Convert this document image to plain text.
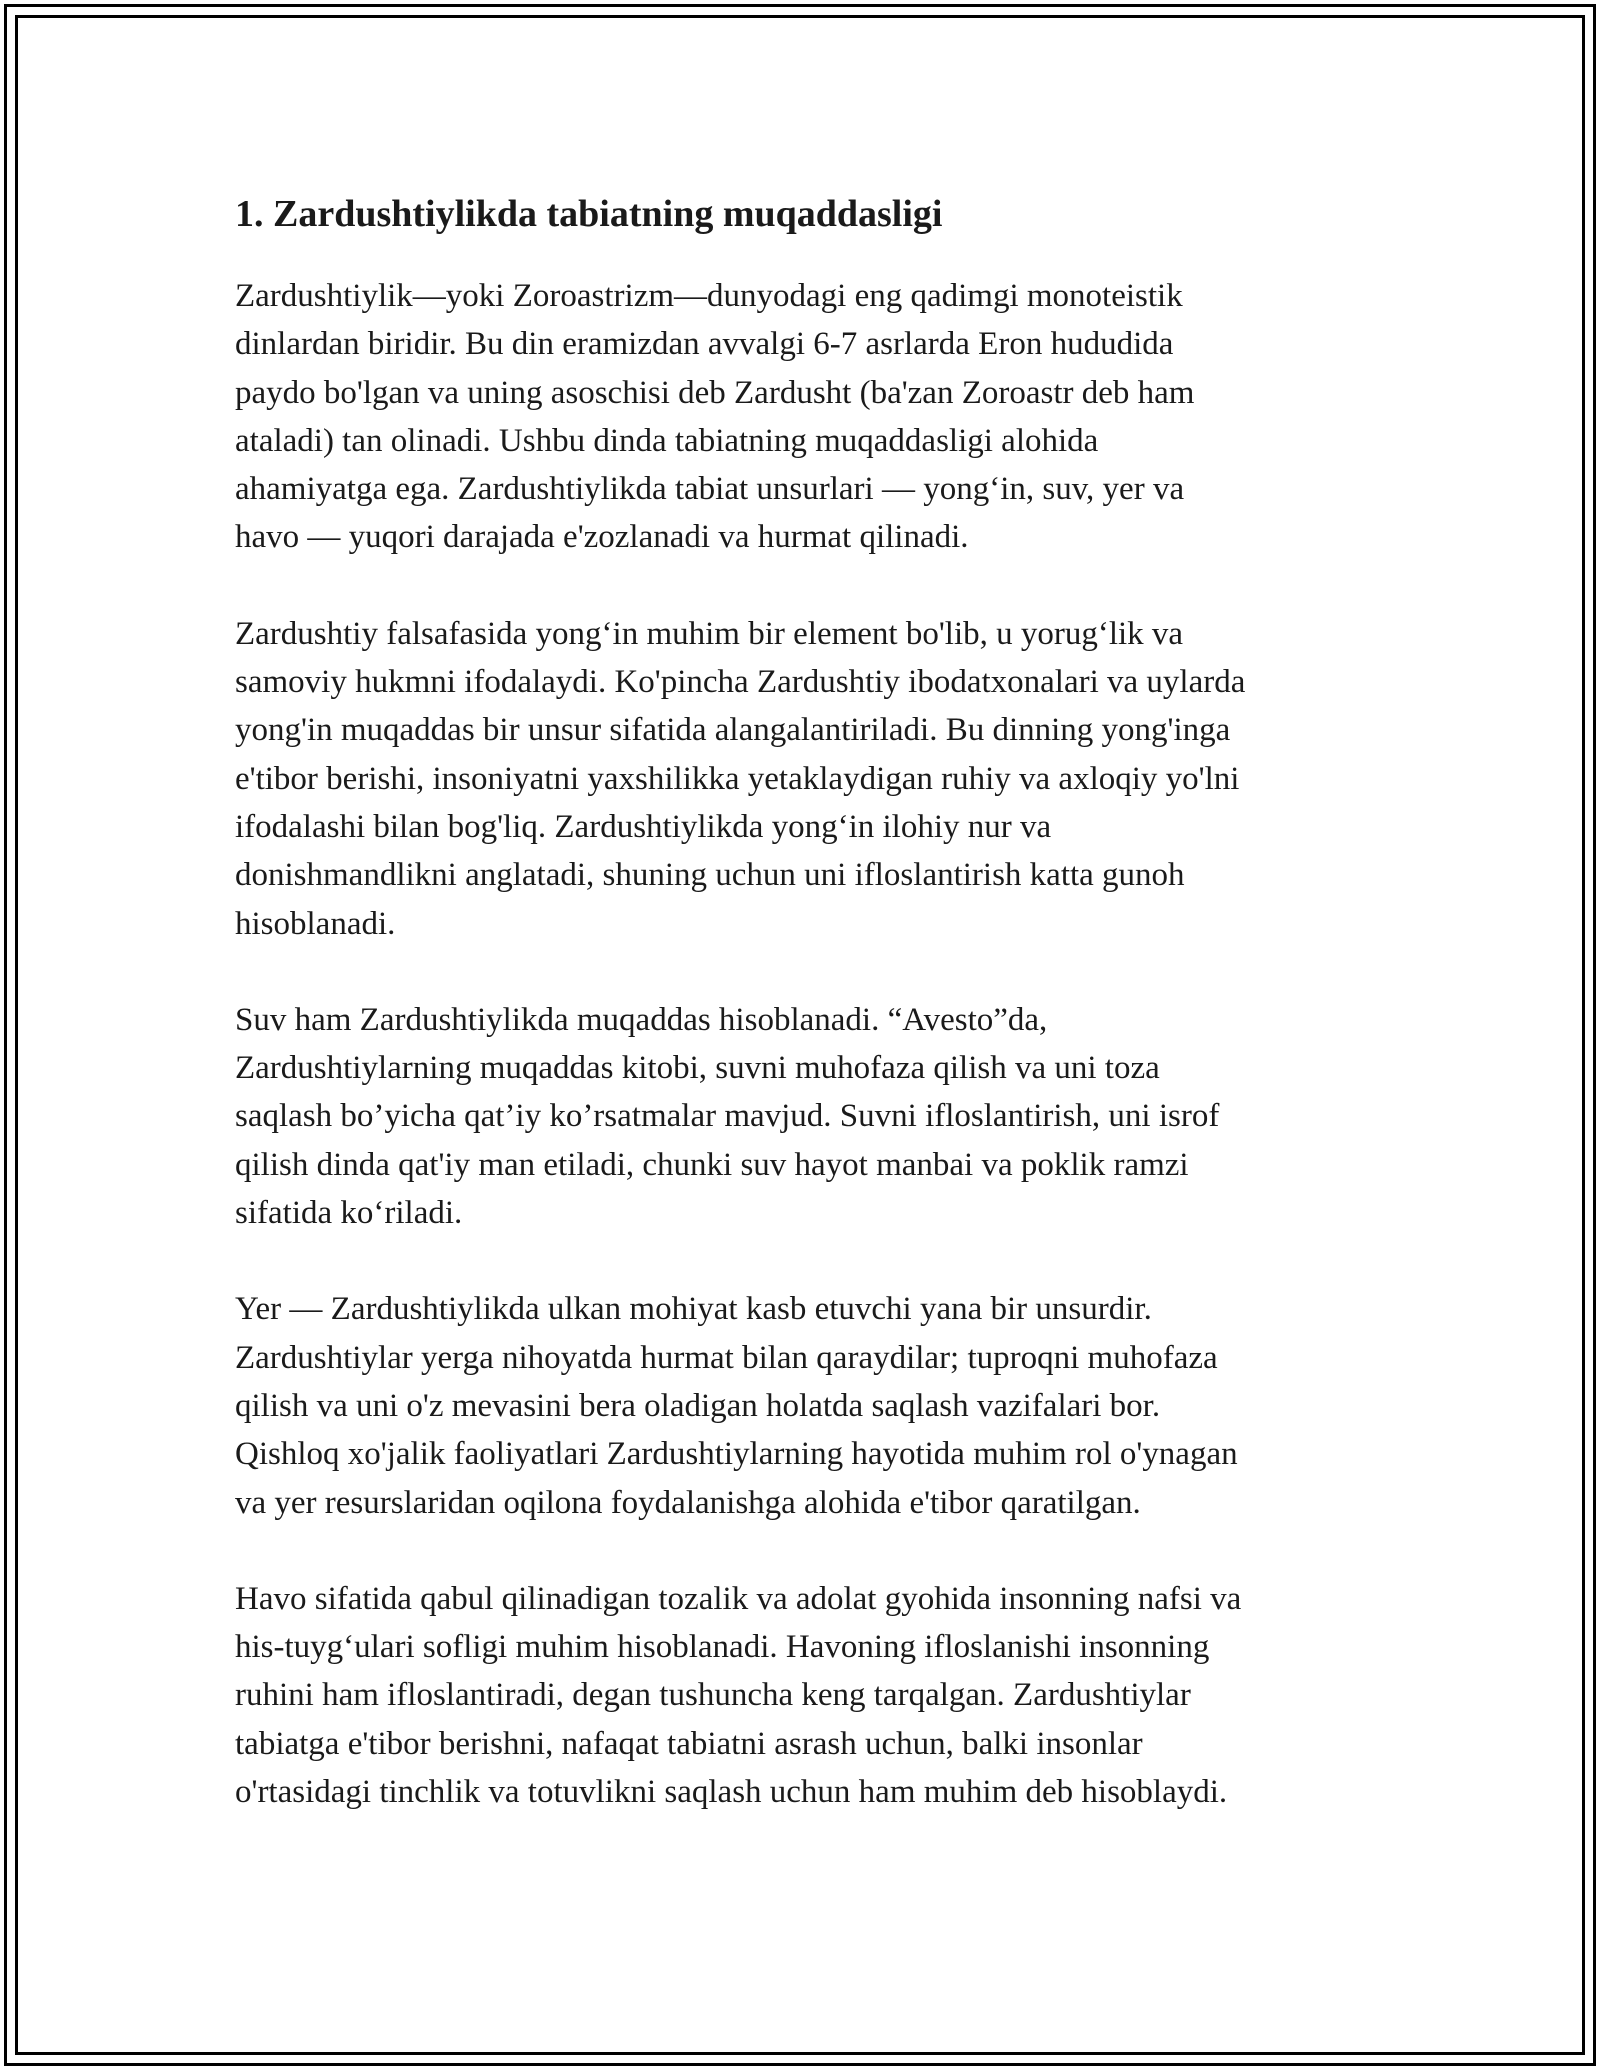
1. Zardushtiylikda tabiatning muqaddasligi

Zardushtiylik—yoki Zoroastrizm—dunyodagi eng qadimgi monoteistik
dinlardan biridir. Bu din eramizdan avvalgi 6-7 asrlarda Eron hududida
paydo bo'lgan va uning asoschisi deb Zardusht (ba'zan Zoroastr deb ham
ataladi) tan olinadi. Ushbu dinda tabiatning muqaddasligi alohida
ahamiyatga ega. Zardushtiylikda tabiat unsurlari — yong‘in, suv, yer va
havo — yuqori darajada e'zozlanadi va hurmat qilinadi.

Zardushtiy falsafasida yong‘in muhim bir element bo'lib, u yorug‘lik va
samoviy hukmni ifodalaydi. Ko'pincha Zardushtiy ibodatxonalari va uylarda
yong'in muqaddas bir unsur sifatida alangalantiriladi. Bu dinning yong'inga
e'tibor berishi, insoniyatni yaxshilikka yetaklaydigan ruhiy va axloqiy yo'lni
ifodalashi bilan bog'liq. Zardushtiylikda yong‘in ilohiy nur va
donishmandlikni anglatadi, shuning uchun uni ifloslantirish katta gunoh
hisoblanadi.

Suv ham Zardushtiylikda muqaddas hisoblanadi. “Avesto”da,
Zardushtiylarning muqaddas kitobi, suvni muhofaza qilish va uni toza
saqlash bo’yicha qat’iy ko’rsatmalar mavjud. Suvni ifloslantirish, uni isrof
qilish dinda qat'iy man etiladi, chunki suv hayot manbai va poklik ramzi
sifatida ko‘riladi.

Yer — Zardushtiylikda ulkan mohiyat kasb etuvchi yana bir unsurdir.
Zardushtiylar yerga nihoyatda hurmat bilan qaraydilar; tuproqni muhofaza
qilish va uni o'z mevasini bera oladigan holatda saqlash vazifalari bor.
Qishloq xo'jalik faoliyatlari Zardushtiylarning hayotida muhim rol o'ynagan
va yer resurslaridan oqilona foydalanishga alohida e'tibor qaratilgan.

Havo sifatida qabul qilinadigan tozalik va adolat gyohida insonning nafsi va
his-tuyg‘ulari sofligi muhim hisoblanadi. Havoning ifloslanishi insonning
ruhini ham ifloslantiradi, degan tushuncha keng tarqalgan. Zardushtiylar
tabiatga e'tibor berishni, nafaqat tabiatni asrash uchun, balki insonlar
o'rtasidagi tinchlik va totuvlikni saqlash uchun ham muhim deb hisoblaydi.
